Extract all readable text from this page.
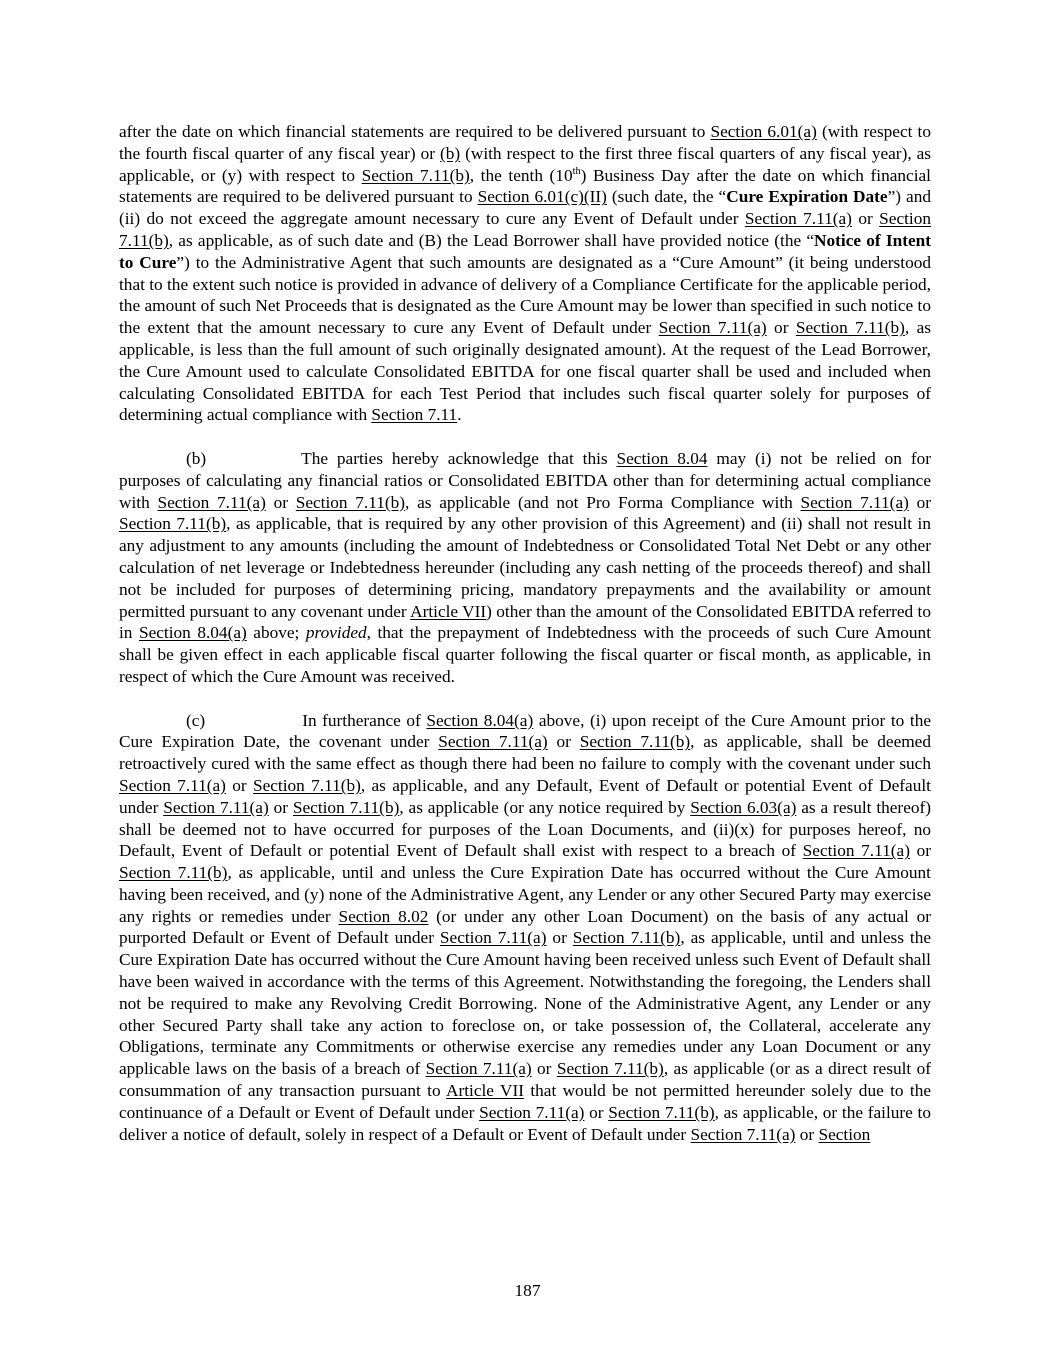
after the date on which financial statements are required to be delivered pursuant to Section 6.01(a) (with respect to the fourth fiscal quarter of any fiscal year) or (b) (with respect to the first three fiscal quarters of any fiscal year), as applicable, or (y) with respect to Section 7.11(b), the tenth (10th) Business Day after the date on which financial statements are required to be delivered pursuant to Section 6.01(c)(II) (such date, the “Cure Expiration Date”) and (ii) do not exceed the aggregate amount necessary to cure any Event of Default under Section 7.11(a) or Section 7.11(b), as applicable, as of such date and (B) the Lead Borrower shall have provided notice (the “Notice of Intent to Cure”) to the Administrative Agent that such amounts are designated as a “Cure Amount” (it being understood that to the extent such notice is provided in advance of delivery of a Compliance Certificate for the applicable period, the amount of such Net Proceeds that is designated as the Cure Amount may be lower than specified in such notice to the extent that the amount necessary to cure any Event of Default under Section 7.11(a) or Section 7.11(b), as applicable, is less than the full amount of such originally designated amount). At the request of the Lead Borrower, the Cure Amount used to calculate Consolidated EBITDA for one fiscal quarter shall be used and included when calculating Consolidated EBITDA for each Test Period that includes such fiscal quarter solely for purposes of determining actual compliance with Section 7.11.

(b)	The parties hereby acknowledge that this Section 8.04 may (i) not be relied on for purposes of calculating any financial ratios or Consolidated EBITDA other than for determining actual compliance with Section 7.11(a) or Section 7.11(b), as applicable (and not Pro Forma Compliance with Section 7.11(a) or Section 7.11(b), as applicable, that is required by any other provision of this Agreement) and (ii) shall not result in any adjustment to any amounts (including the amount of Indebtedness or Consolidated Total Net Debt or any other calculation of net leverage or Indebtedness hereunder (including any cash netting of the proceeds thereof) and shall not be included for purposes of determining pricing, mandatory prepayments and the availability or amount permitted pursuant to any covenant under Article VII) other than the amount of the Consolidated EBITDA referred to in Section 8.04(a) above; provided, that the prepayment of Indebtedness with the proceeds of such Cure Amount shall be given effect in each applicable fiscal quarter following the fiscal quarter or fiscal month, as applicable, in respect of which the Cure Amount was received.

(c)	In furtherance of Section 8.04(a) above, (i) upon receipt of the Cure Amount prior to the Cure Expiration Date, the covenant under Section 7.11(a) or Section 7.11(b), as applicable, shall be deemed retroactively cured with the same effect as though there had been no failure to comply with the covenant under such Section 7.11(a) or Section 7.11(b), as applicable, and any Default, Event of Default or potential Event of Default under Section 7.11(a) or Section 7.11(b), as applicable (or any notice required by Section 6.03(a) as a result thereof) shall be deemed not to have occurred for purposes of the Loan Documents, and (ii)(x) for purposes hereof, no Default, Event of Default or potential Event of Default shall exist with respect to a breach of Section 7.11(a) or Section 7.11(b), as applicable, until and unless the Cure Expiration Date has occurred without the Cure Amount having been received, and (y) none of the Administrative Agent, any Lender or any other Secured Party may exercise any rights or remedies under Section 8.02 (or under any other Loan Document) on the basis of any actual or purported Default or Event of Default under Section 7.11(a) or Section 7.11(b), as applicable, until and unless the Cure Expiration Date has occurred without the Cure Amount having been received unless such Event of Default shall have been waived in accordance with the terms of this Agreement. Notwithstanding the foregoing, the Lenders shall not be required to make any Revolving Credit Borrowing. None of the Administrative Agent, any Lender or any other Secured Party shall take any action to foreclose on, or take possession of, the Collateral, accelerate any Obligations, terminate any Commitments or otherwise exercise any remedies under any Loan Document or any applicable laws on the basis of a breach of Section 7.11(a) or Section 7.11(b), as applicable (or as a direct result of consummation of any transaction pursuant to Article VII that would be not permitted hereunder solely due to the continuance of a Default or Event of Default under Section 7.11(a) or Section 7.11(b), as applicable, or the failure to deliver a notice of default, solely in respect of a Default or Event of Default under Section 7.11(a) or Section

187
